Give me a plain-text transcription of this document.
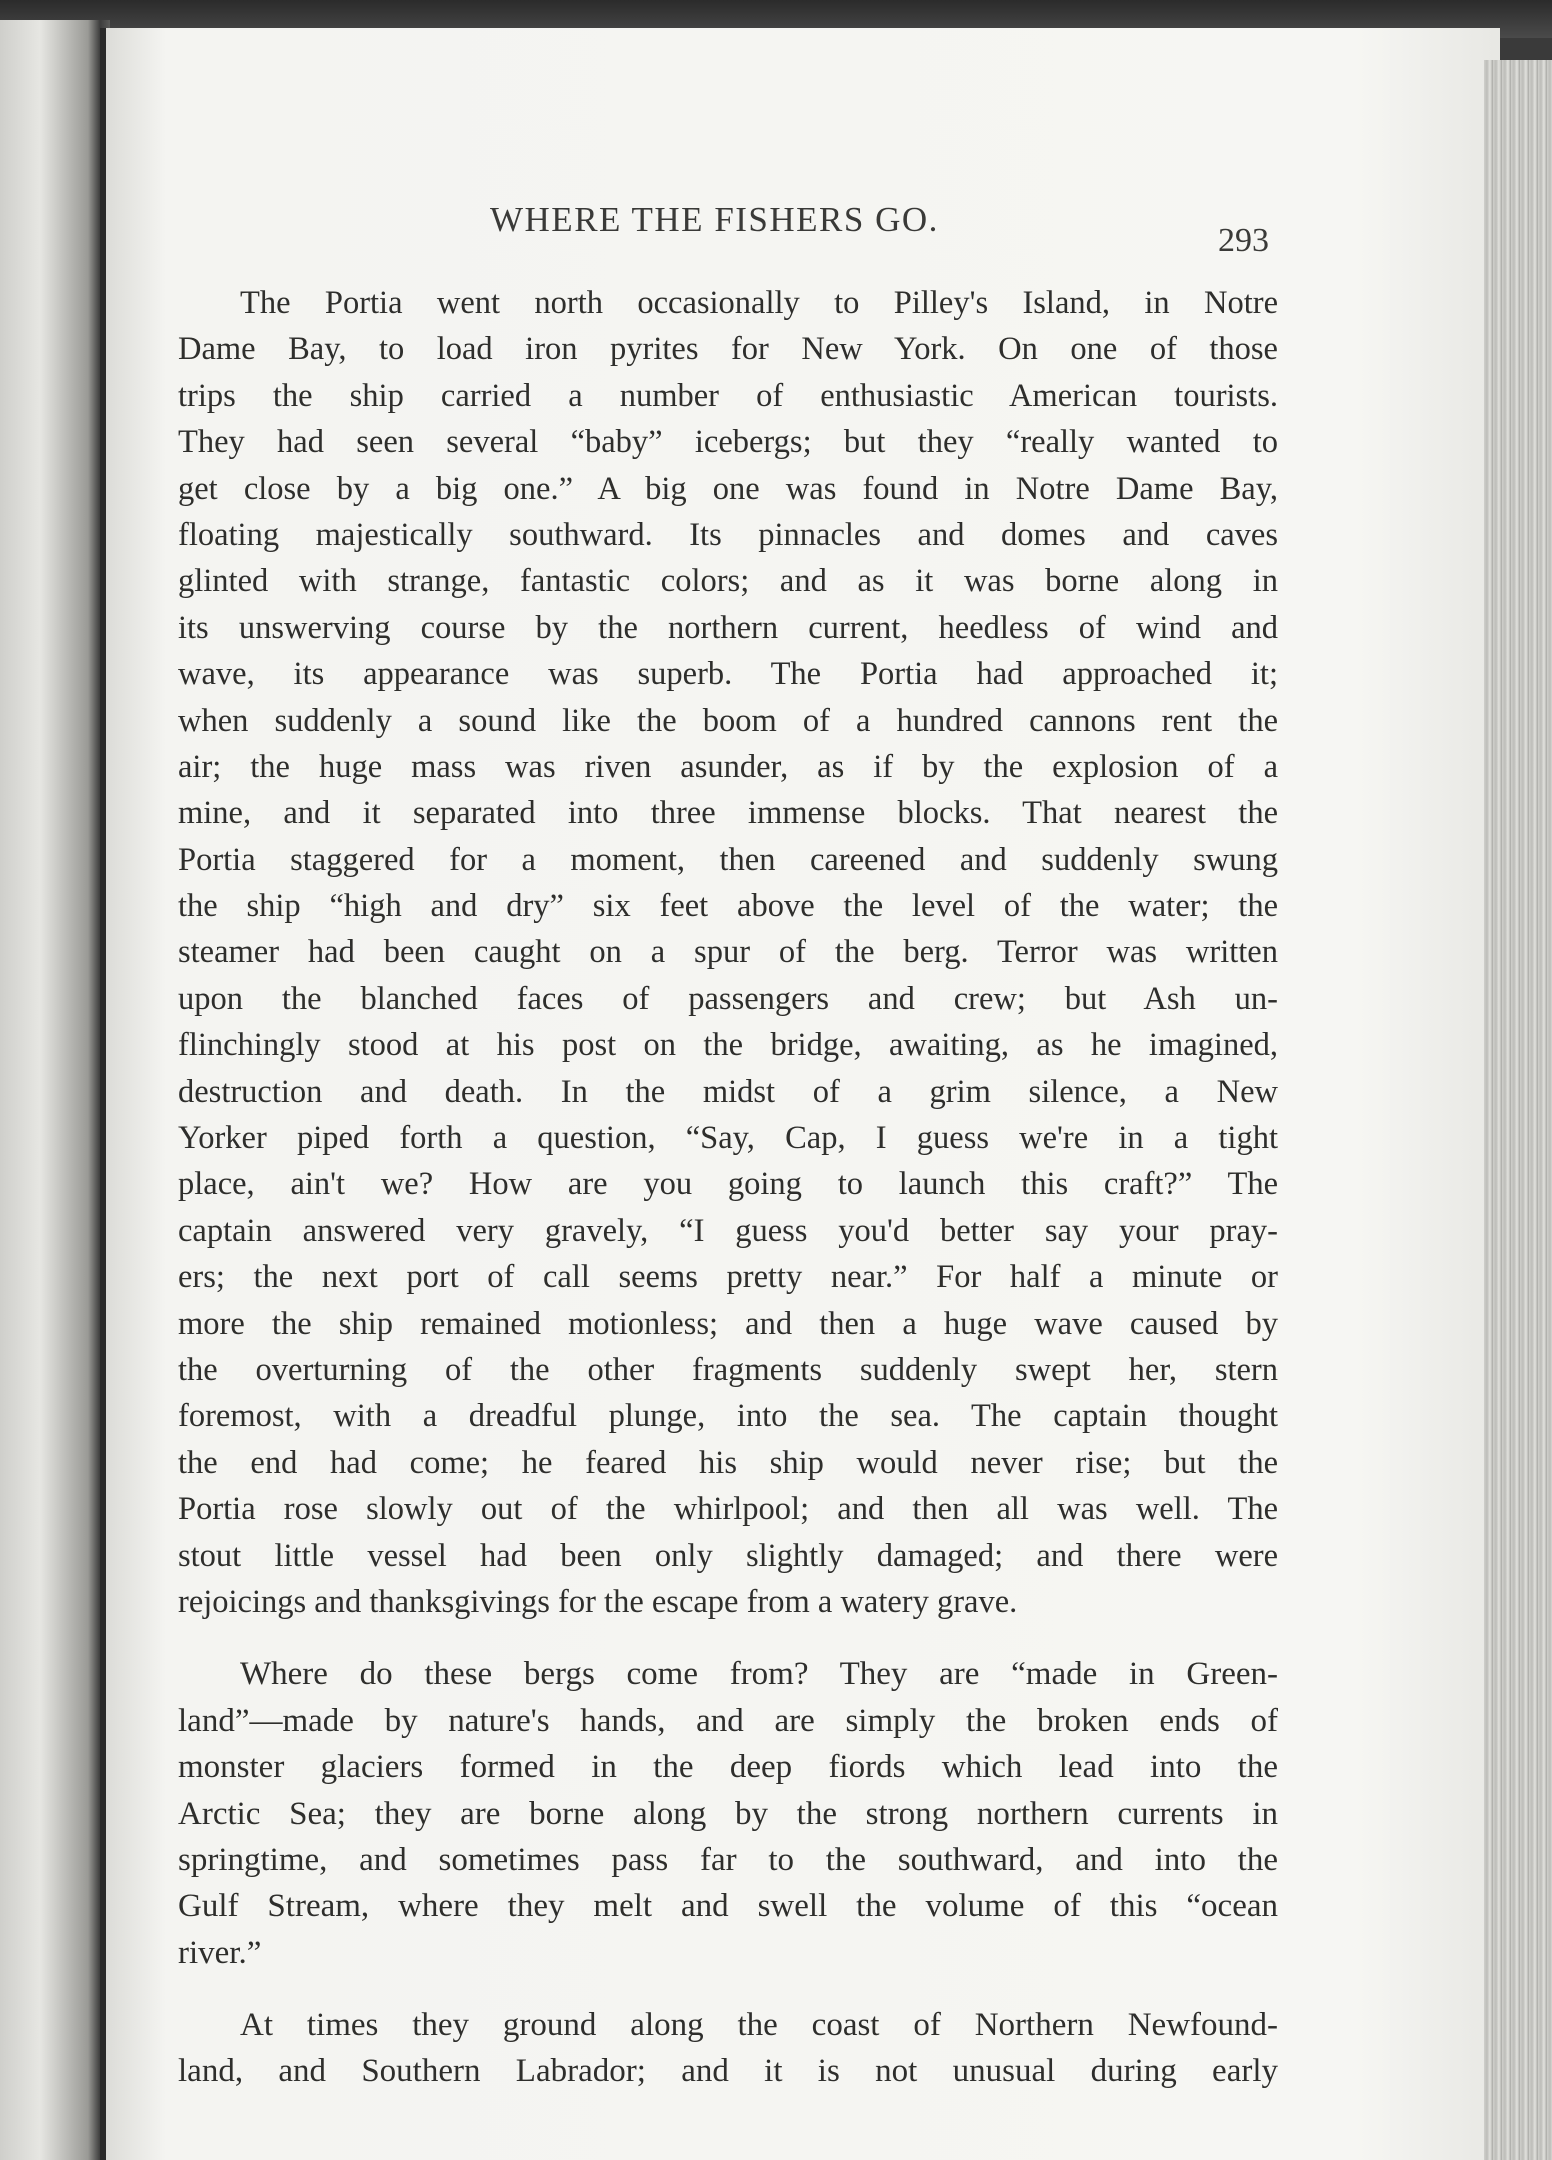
WHERE THE FISHERS GO.
293
The Portia went north occasionally to Pilley's Island, in Notre
Dame Bay, to load iron pyrites for New York. On one of those
trips the ship carried a number of enthusiastic American tourists.
They had seen several “baby” icebergs; but they “really wanted to
get close by a big one.” A big one was found in Notre Dame Bay,
floating majestically southward. Its pinnacles and domes and caves
glinted with strange, fantastic colors; and as it was borne along in
its unswerving course by the northern current, heedless of wind and
wave, its appearance was superb. The Portia had approached it;
when suddenly a sound like the boom of a hundred cannons rent the
air; the huge mass was riven asunder, as if by the explosion of a
mine, and it separated into three immense blocks. That nearest the
Portia staggered for a moment, then careened and suddenly swung
the ship “high and dry” six feet above the level of the water; the
steamer had been caught on a spur of the berg. Terror was written
upon the blanched faces of passengers and crew; but Ash un-
flinchingly stood at his post on the bridge, awaiting, as he imagined,
destruction and death. In the midst of a grim silence, a New
Yorker piped forth a question, “Say, Cap, I guess we're in a tight
place, ain't we? How are you going to launch this craft?” The
captain answered very gravely, “I guess you'd better say your pray-
ers; the next port of call seems pretty near.” For half a minute or
more the ship remained motionless; and then a huge wave caused by
the overturning of the other fragments suddenly swept her, stern
foremost, with a dreadful plunge, into the sea. The captain thought
the end had come; he feared his ship would never rise; but the
Portia rose slowly out of the whirlpool; and then all was well. The
stout little vessel had been only slightly damaged; and there were
rejoicings and thanksgivings for the escape from a watery grave.
Where do these bergs come from? They are “made in Green-
land”—made by nature's hands, and are simply the broken ends of
monster glaciers formed in the deep fiords which lead into the
Arctic Sea; they are borne along by the strong northern currents in
springtime, and sometimes pass far to the southward, and into the
Gulf Stream, where they melt and swell the volume of this “ocean
river.”
At times they ground along the coast of Northern Newfound-
land, and Southern Labrador; and it is not unusual during early
